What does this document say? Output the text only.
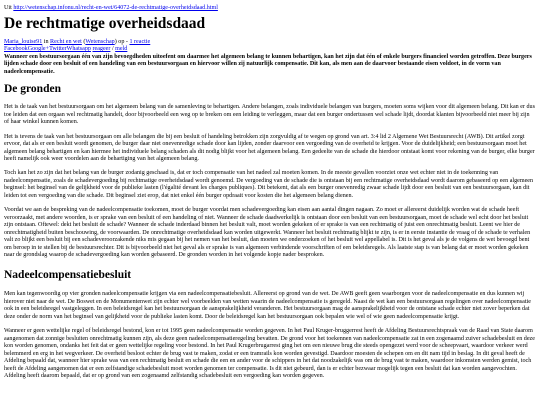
Uit http://wetenschap.infonu.nl/recht-en-wet/64072-de-rechtmatige-overheidsdaad.html

De rechtmatige overheidsdaad

Maria_louise91 in Recht en wet (Wetenschap) op - 1 reactie

FacebookGoogle+TwitterWhatsapp reageer / meld

Wanneer een bestuursorgaan één van zijn bevoegdheden uitoefent om daarmee het algemeen belang te kunnen behartigen, kan het zijn dat één of enkele burgers financieel worden getroffen. Deze burgers lijden schade door een besluit of een handeling van een bestuursorgaan en hiervoor willen zij natuurlijk compensatie. Dit kan, als men aan de daarvoor bestaande eisen voldoet, in de vorm van nadeelcompensatie.

De gronden

Het is de taak van het bestuursorgaan om het algemeen belang van de samenleving te behartigen. Andere belangen, zoals individuele belangen van burgers, moeten soms wijken voor dit algemeen belang. Dit kan er dus toe leiden dat een orgaan wel rechtmatig handelt, door bijvoorbeeld een weg op te breken om een leiding te verleggen, maar dat een burger ondertussen wel schade lijdt, doordat klanten bijvoorbeeld niet meer bij zijn of haar winkel kunnen komen.

Het is tevens de taak van het bestuursorgaan om alle belangen die bij een besluit of handeling betrokken zijn zorgvuldig af te wegen op grond van art. 3:4 lid 2 Algemene Wet Bestuursrecht (AWB). Dit artikel zorgt ervoor, dat als er een besluit wordt genomen, de burger daar niet onevenredige schade door kan lijden, zonder daarvoor een vergoeding van de overheid te krijgen. Voor de duidelijkheid; een bestuursorgaan moet het algemeen belang behartigen en kan hiermee het individuele belang schaden als dit nodig blijkt voor het algemeen belang. Een gedeelte van de schade die hierdoor ontstaat komt voor rekening van de burger, elke burger heeft namelijk ook weer voordelen aan de behartiging van het algemeen belang.

Toch kan het zo zijn dat het belang van de burger zodanig geschaad is, dat er toch compensatie van het nadeel zal moeten komen. In de meeste gevallen voorziet onze wet echter niet in de toekenning van nadeelcompensatie, zoals de schadevergoeding bij rechtmatige overheidsdaad wordt genoemd. De vergoeding van de schade die is ontstaan bij een rechtmatige overheidsdaad wordt daarom gebaseerd op een algemeen beginsel: het beginsel van de gelijkheid voor de publieke lasten (l'égalité devant les charges publiques). Dit betekent, dat als een burger onevenredig zwaar schade lijdt door een besluit van een bestuursorgaan, kan dit leiden tot een vergoeding van die schade. Dit beginsel ziet erop, dat niet enkel één burger opdraait voor kosten die het algemeen belang dienen.

Voordat we aan de bespreking van de nadeelcompensatie toekomen, moet de burger voordat men schadevergoeding kan eisen aan aantal dingen nagaan. Zo moet er allereerst duidelijk worden wat de schade heeft veroorzaakt, met andere woorden, is er sprake van een besluit of een handeling of niet. Wanneer de schade daadwerkelijk is ontstaan door een besluit van een bestuursorgaan, moet de schade wel echt door het besluit zijn ontstaan. Oftewel: dekt het besluit de schade? Wanneer de schade inderdaad binnen het besluit valt, moet worden gekeken of er sprake is van een rechtmatig of juist een onrechtmatig besluit. Leent we hier de onrechtmatigheid buiten beschouwing, de voorwaarden. De onrechtmatige overheidsdaad kan worden uitgewerkt. Wanneer het besluit rechtmatig blijkt te zijn, is er in eerste instantie de vraag of de schade te verhalen valt zo blijkt een besluit bij een schadeveroorzakende niks mis gegaan bij het nemen van het besluit, dan moeten we onderzoeken of het besluit wel appellabel is. Dit is het geval als je de volgens de wet bevoegd bent om beroep in te stellen bij de bestuursrechter. Dit is bijvoorbeeld niet het geval als er sprake is van algemeen verbindende voorschriften of een beleidsregels. Als laatste stap is van belang dat er moet worden gekeken naar de grondslag waarop de schadevergoeding kan worden gebaseerd. De gronden worden in het volgende kopje nader besproken.

Nadeelcompensatiebesluit

Men kan tegenwoordig op vier gronden nadeelcompensatie krijgen via een nadeelcompensatiebesluit. Allereerst op grond van de wet. De AWB geeft geen waarborgen voor de nadeelcompensatie en dus kunnen wij hierover niet naar de wet. De Boswet en de Monumentenwet zijn echter wel voorbeelden van wetten waarin de nadeelcompensatie is geregeld. Naast de wet kan een bestuursorgaan regelingen over nadeelcompensatie ook in een beleidsregel vastgeleggen. In een beleidsregel kan het bestuursorgaan de aansprakelijkheid veranderen. Het bestuursorgaan mag de aansprakelijkheid voor de ontstane schade echter niet zover beperken dat deze onder de norm van het beginsel van gelijkheid voor de publieke lasten komt. Door de beleidsregel kan het bestuursorgaan ook bepalen wie wel of wie geen nadeelcompensatie krijgt.

Wanneer er geen wettelijke regel of beleidsregel bestond, kon er tot 1995 geen nadeelcompensatie worden gegeven. In het Paul Kruger-bruggerrest heeft de Afdeling Bestuursrechtspraak van de Raad van State daarom aangenomen dat zonnige besluiten onrechtmatig kunnen zijn, als deze geen nadeelcompensatieregeling bevatten. De grond voor het toekennen van nadeelcompensatie zat in een zogenaamd zuiver schadebesluit en deze kon worden genomen, ondanks het feit dat er geen wettelijke regeling voor bestond. In het Paul Krugerbrugarrest ging het om een nieuwe brug die steeds opengezet werd voor de scheepvaart, waardoor verkeer werd belemmerd en erg in het wegverkeer. De overheid besloot echter de brug vast te maken, zodat er een tramrails kon worden gevestigd. Daardoor moesten de schepen om en dit nam tijd in beslag. In dit geval heeft de Afdeling bepaald dat, wanneer hier sprake was van een rechtmatig besluit en schade die een en ander voor de schippers in het dat noodzakelijk was om de brug vast te maken, waardoor inkomsten werden gemist, toch heeft de Afdeling aangenomen dat er een zelfstandige schadebesluit moet worden genomen ter compensatie. Is dit niet gebeurd, dan is er echter bezwaar mogelijk tegen een besluit dat kan worden aangevochten. Afdeling heeft daarom bepaald, dat er op grond van een zogenaamd zelfstandig schadebesluit een vergoeding kan worden gegeven.
